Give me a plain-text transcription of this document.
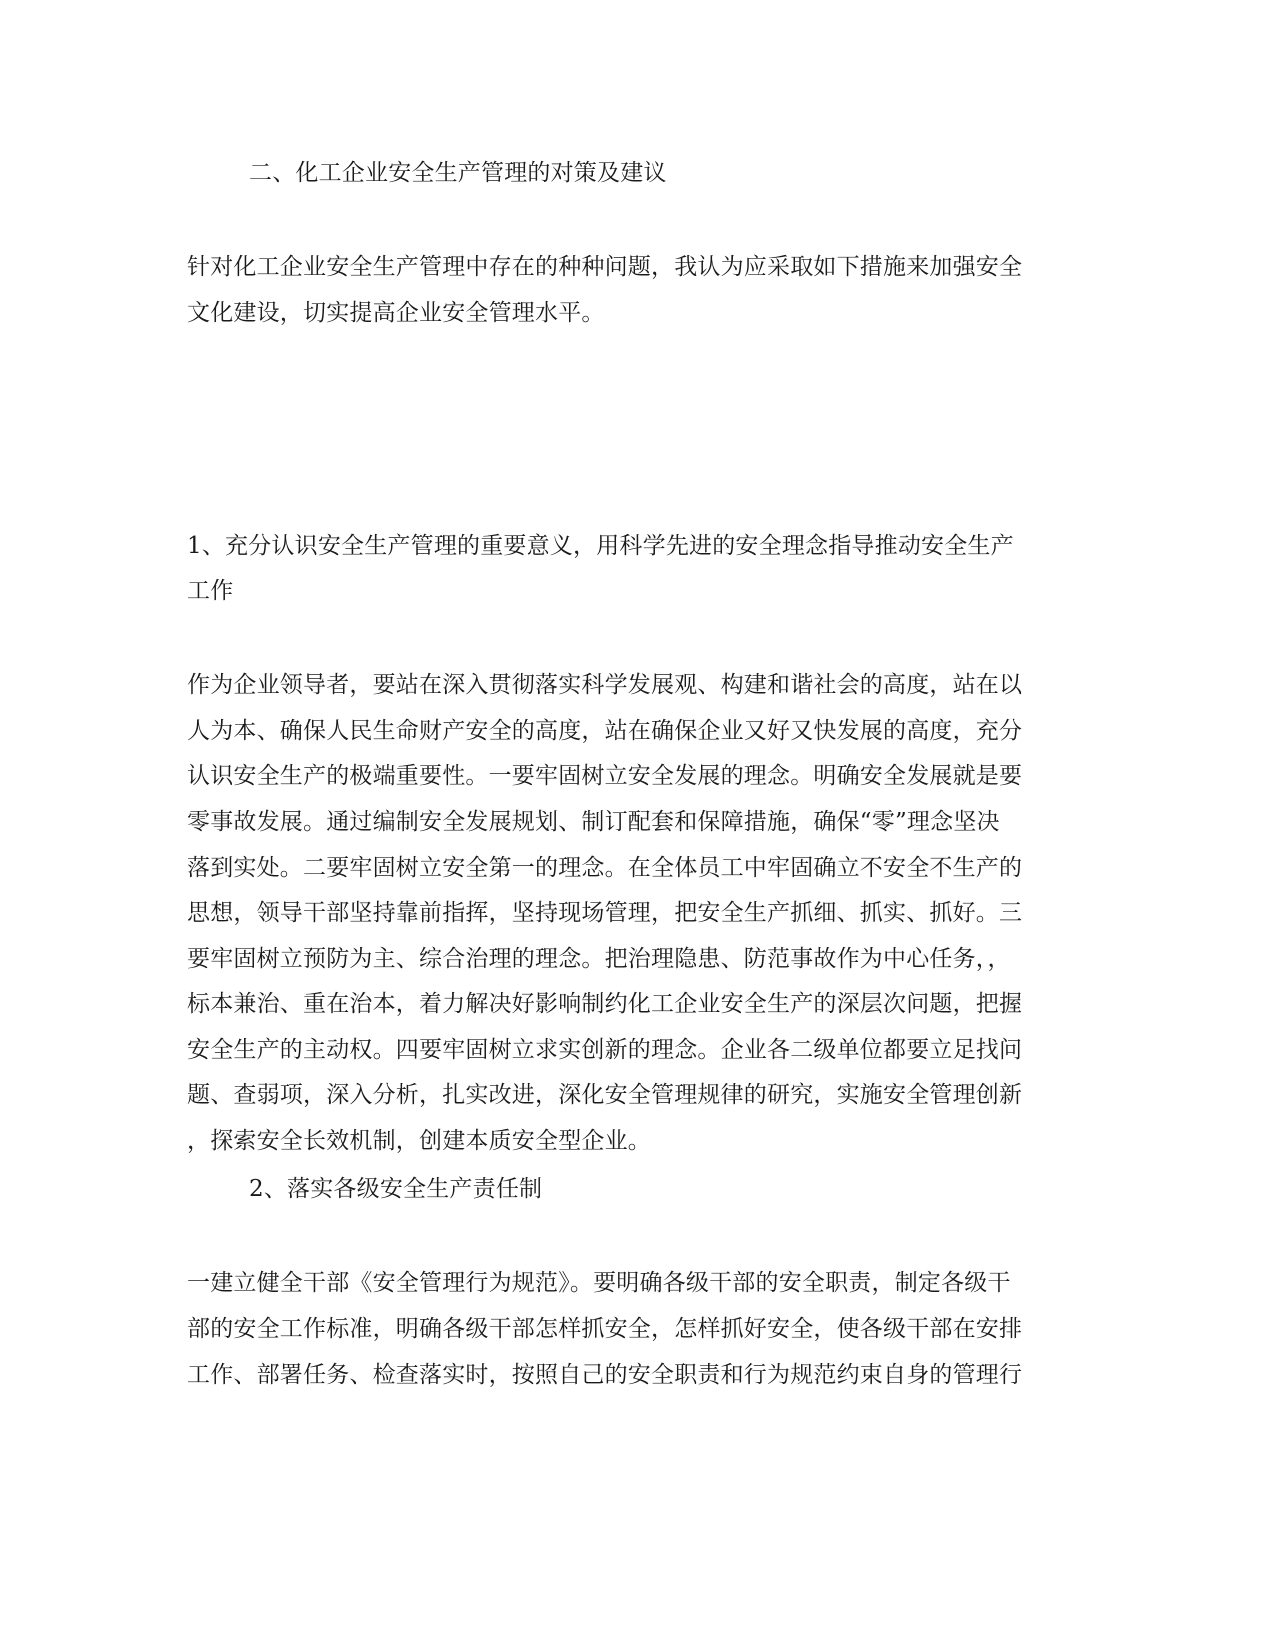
二、化工企业安全生产管理的对策及建议
针对化工企业安全生产管理中存在的种种问题，我认为应采取如下措施来加强安全
文化建设，切实提高企业安全管理水平。
1、充分认识安全生产管理的重要意义，用科学先进的安全理念指导推动安全生产
工作
作为企业领导者，要站在深入贯彻落实科学发展观、构建和谐社会的高度，站在以
人为本、确保人民生命财产安全的高度，站在确保企业又好又快发展的高度，充分
认识安全生产的极端重要性。一要牢固树立安全发展的理念。明确安全发展就是要
零事故发展。通过编制安全发展规划、制订配套和保障措施，确保“零”理念坚决
落到实处。二要牢固树立安全第一的理念。在全体员工中牢固确立不安全不生产的
思想，领导干部坚持靠前指挥，坚持现场管理，把安全生产抓细、抓实、抓好。三
要牢固树立预防为主、综合治理的理念。把治理隐患、防范事故作为中心任务，，
标本兼治、重在治本，着力解决好影响制约化工企业安全生产的深层次问题，把握
安全生产的主动权。四要牢固树立求实创新的理念。企业各二级单位都要立足找问
题、查弱项，深入分析，扎实改进，深化安全管理规律的研究，实施安全管理创新
，探索安全长效机制，创建本质安全型企业。
2、落实各级安全生产责任制
一建立健全干部《安全管理行为规范》。要明确各级干部的安全职责，制定各级干
部的安全工作标准，明确各级干部怎样抓安全，怎样抓好安全，使各级干部在安排
工作、部署任务、检查落实时，按照自己的安全职责和行为规范约束自身的管理行
